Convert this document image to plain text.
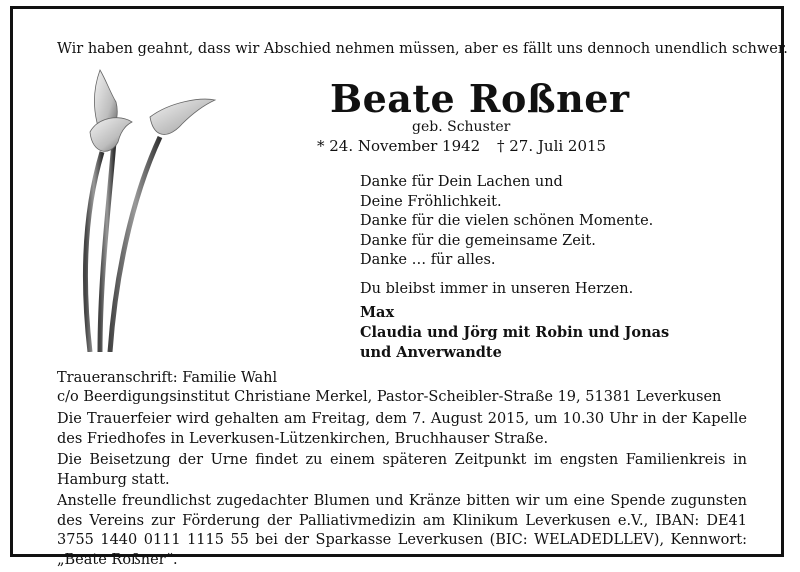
Wir haben geahnt, dass wir Abschied nehmen müssen, aber es fällt uns dennoch unendlich schwer.
Beate Roßner
geb. Schuster
* 24. November 1942 † 27. Juli 2015
Danke für Dein Lachen und
Deine Fröhlichkeit.
Danke für die vielen schönen Momente.
Danke für die gemeinsame Zeit.
Danke … für alles.
Du bleibst immer in unseren Herzen.
Max
Claudia und Jörg mit Robin und Jonas
und Anverwandte
Traueranschrift: Familie Wahl
c/o Beerdigungsinstitut Christiane Merkel, Pastor-Scheibler-Straße 19, 51381 Leverkusen

Die Trauerfeier wird gehalten am Freitag, dem 7. August 2015, um 10.30 Uhr in der Kapelle des Friedhofes in Leverkusen-Lützenkirchen, Bruchhauser Straße.

Die Beisetzung der Urne findet zu einem späteren Zeitpunkt im engsten Familienkreis in Hamburg statt.

Anstelle freundlichst zugedachter Blumen und Kränze bitten wir um eine Spende zugunsten des Vereins zur Förderung der Palliativmedizin am Klinikum Leverkusen e.V., IBAN: DE41 3755 1440 0111 1115 55 bei der Sparkasse Leverkusen (BIC: WELADEDLLEV), Kennwort: „Beate Roßner“.
